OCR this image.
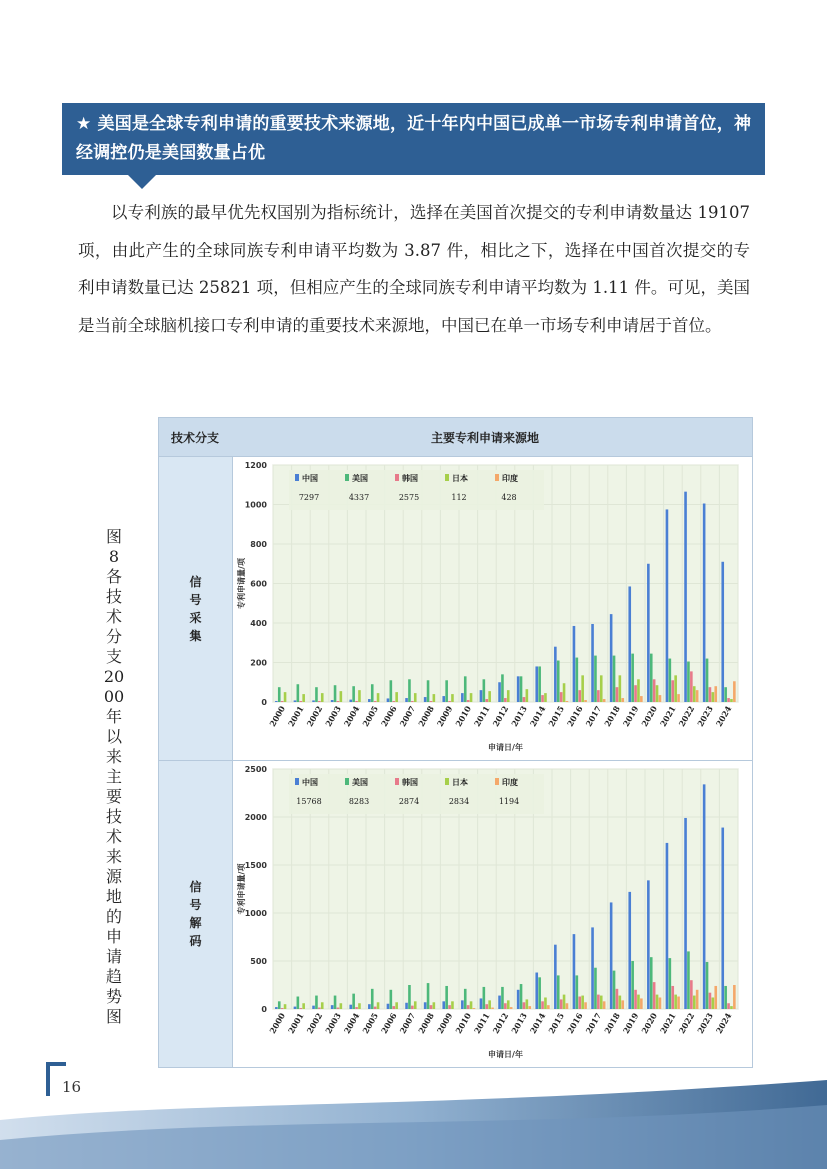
★ 美国是全球专利申请的重要技术来源地，近十年内中国已成单一市场专利申请首位，神经调控仍是美国数量占优
以专利族的最早优先权国别为指标统计，选择在美国首次提交的专利申请数量达 19107 项，由此产生的全球同族专利申请平均数为 3.87 件，相比之下，选择在中国首次提交的专利申请数量已达 25821 项，但相应产生的全球同族专利申请平均数为 1.11 件。可见，美国是当前全球脑机接口专利申请的重要技术来源地，中国已在单一市场专利申请居于首位。
图 8 各技术分支 2000 年以来主要技术来源地的申请趋势图
技术分支	主要专利申请来源地
信号采集
0
200
400
600
800
1000
1200
专利申请量/项
2000
2001
2002
2003
2004
2005
2006
2007
2008
2009
2010
2011
2012
2013
2014
2015
2016
2017
2018
2019
2020
2021
2022
2023
2024
申请日/年
中国
7297
美国
4337
韩国
2575
日本
112
印度
428
信号解码
0
500
1000
1500
2000
2500
专利申请量/项
2000
2001
2002
2003
2004
2005
2006
2007
2008
2009
2010
2011
2012
2013
2014
2015
2016
2017
2018
2019
2020
2021
2022
2023
2024
申请日/年
中国
15768
美国
8283
韩国
2874
日本
2834
印度
1194
16
